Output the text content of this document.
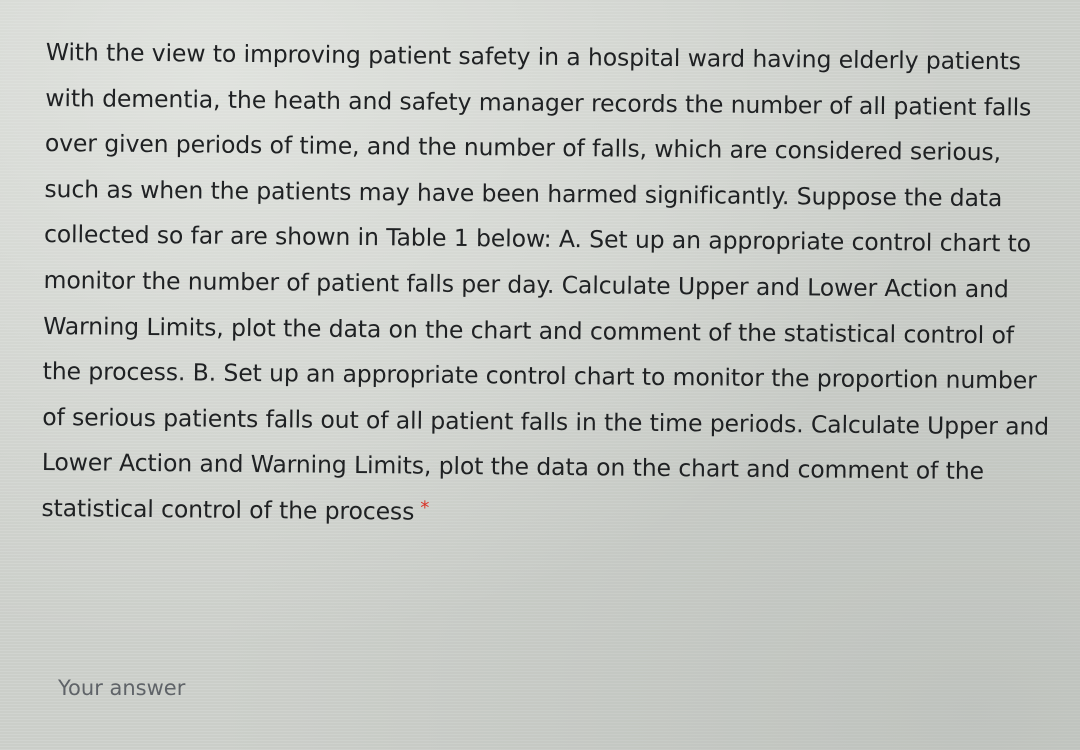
With the view to improving patient safety in a hospital ward having elderly patients with dementia, the heath and safety manager records the number of all patient falls over given periods of time, and the number of falls, which are considered serious, such as when the patients may have been harmed significantly. Suppose the data collected so far are shown in Table 1 below: A. Set up an appropriate control chart to monitor the number of patient falls per day. Calculate Upper and Lower Action and Warning Limits, plot the data on the chart and comment of the statistical control of the process. B. Set up an appropriate control chart to monitor the proportion number of serious patients falls out of all patient falls in the time periods. Calculate Upper and Lower Action and Warning Limits, plot the data on the chart and comment of the statistical control of the process *

Your answer
